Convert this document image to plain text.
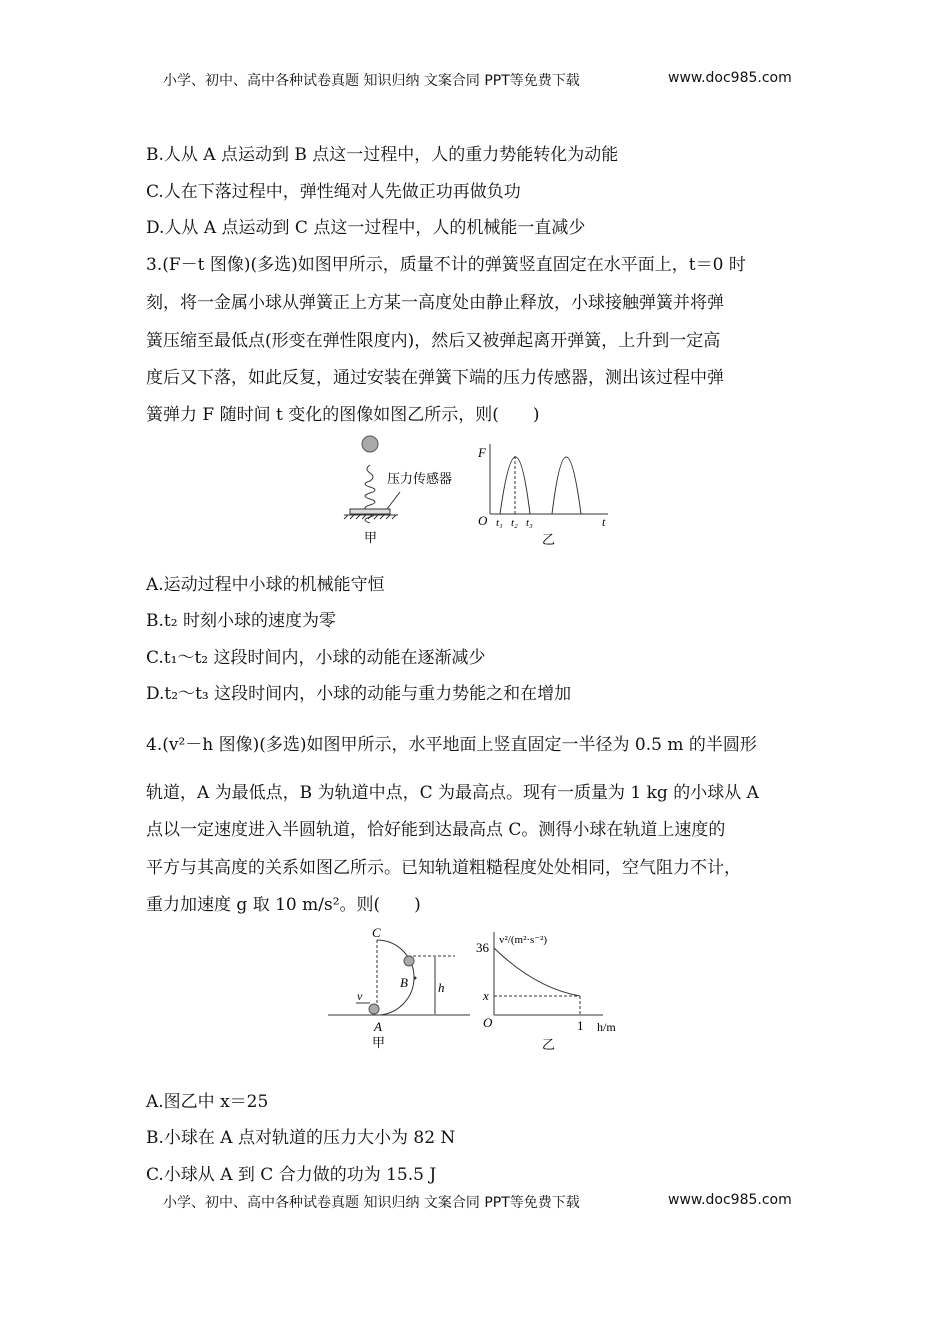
小学、初中、高中各种试卷真题 知识归纳 文案合同 PPT等免费下载	www.doc985.com
B.人从 A 点运动到 B 点这一过程中，人的重力势能转化为动能
C.人在下落过程中，弹性绳对人先做正功再做负功
D.人从 A 点运动到 C 点这一过程中，人的机械能一直减少
3.(F－t 图像)(多选)如图甲所示，质量不计的弹簧竖直固定在水平面上，t＝0 时
刻，将一金属小球从弹簧正上方某一高度处由静止释放，小球接触弹簧并将弹
簧压缩至最低点(形变在弹性限度内)，然后又被弹起离开弹簧，上升到一定高
度后又下落，如此反复，通过安装在弹簧下端的压力传感器，测出该过程中弹
簧弹力 F 随时间 t 变化的图像如图乙所示，则(　　)
压力传感器
甲
F
O	t
t₁ t₂ t₃
乙
A.运动过程中小球的机械能守恒
B.t₂ 时刻小球的速度为零
C.t₁～t₂ 这段时间内，小球的动能在逐渐减少
D.t₂～t₃ 这段时间内，小球的动能与重力势能之和在增加
4.(v²－h 图像)(多选)如图甲所示，水平地面上竖直固定一半径为 0.5 m 的半圆形
轨道，A 为最低点，B 为轨道中点，C 为最高点。现有一质量为 1 kg 的小球从 A
点以一定速度进入半圆轨道，恰好能到达最高点 C。测得小球在轨道上速度的
平方与其高度的关系如图乙所示。已知轨道粗糙程度处处相同，空气阻力不计，
重力加速度 g 取 10 m/s²。则(　　)
C
B
A
v
h
甲
v²/(m²·s⁻²)
36
x
O	1 h/m
乙
A.图乙中 x＝25
B.小球在 A 点对轨道的压力大小为 82 N
C.小球从 A 到 C 合力做的功为 15.5 J
小学、初中、高中各种试卷真题 知识归纳 文案合同 PPT等免费下载	www.doc985.com
